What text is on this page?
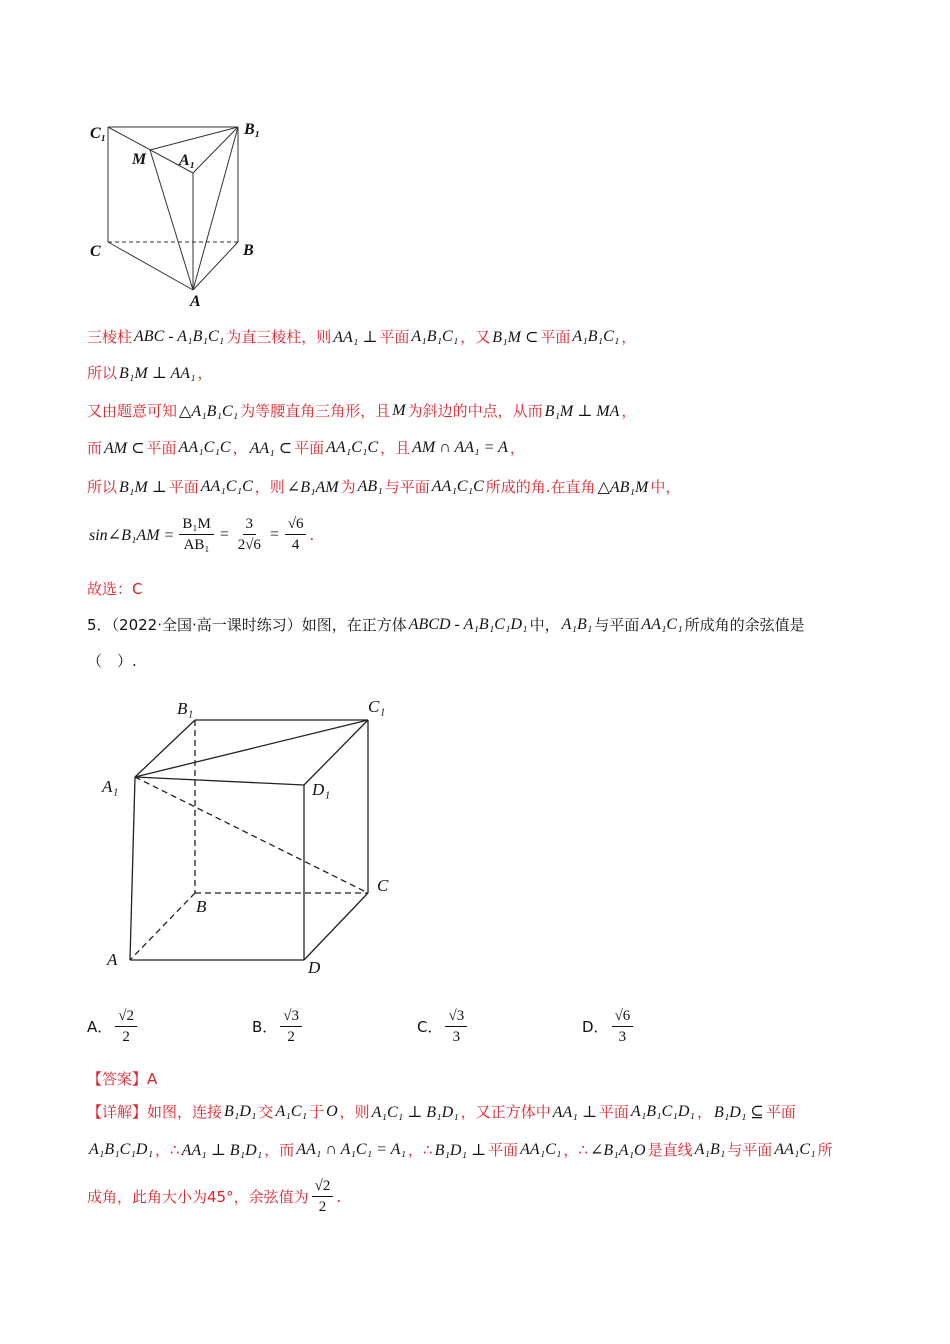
C₁	B₁
M A₁
C	B
A
三棱柱 ABC - A₁B₁C₁ 为直三棱柱，则 AA₁ ⊥ 平面 A₁B₁C₁ ，又 B₁M ⊂ 平面 A₁B₁C₁ ，
所以 B₁M ⊥ AA₁ ，
又由题意可知 △A₁B₁C₁ 为等腰直角三角形，且 M 为斜边的中点，从而 B₁M ⊥ MA ，
而 AM ⊂ 平面 AA₁C₁C ， AA₁ ⊂ 平面 AA₁C₁C ，且 AM ∩ AA₁ = A ，
所以 B₁M ⊥ 平面 AA₁C₁C ，则 ∠B₁AM 为 AB₁ 与平面 AA₁C₁C 所成的角.在直角 △AB₁M 中，
sin∠B₁AM = $\frac{\text{B₁M}}{\text{AB₁}} = \frac{3}{2√6} = \frac{√6}{4}$ .
故选：C
5．（2022·全国·高一课时练习）如图，在正方体 ABCD - A₁B₁C₁D₁ 中， A₁B₁ 与平面 AA₁C₁ 所成角的余弦值是
（　）.
B₁	C₁
A₁	D₁
B
C
A	D
A． $\frac{√2}{2}$	B． $\frac{√3}{2}$	C． $\frac{√3}{3}$	D． $\frac{√6}{3}$
【答案】A
【详解】如图，连接 B₁D₁ 交 A₁C₁ 于 O ，则 A₁C₁ ⊥ B₁D₁ ，又正方体中 AA₁ ⊥ 平面 A₁B₁C₁D₁ ， B₁D₁ ⊆ 平面
A₁B₁C₁D₁ ， ∴ AA₁ ⊥ B₁D₁ ，而 AA₁ ∩ A₁C₁ = A₁ ，∴ B₁D₁ ⊥ 平面 AA₁C₁ ，∴ ∠B₁A₁O 是直线 A₁B₁ 与平面 AA₁C₁ 所
成角，此角大小为45°，余弦值为 $\frac{√2}{2}$ .
